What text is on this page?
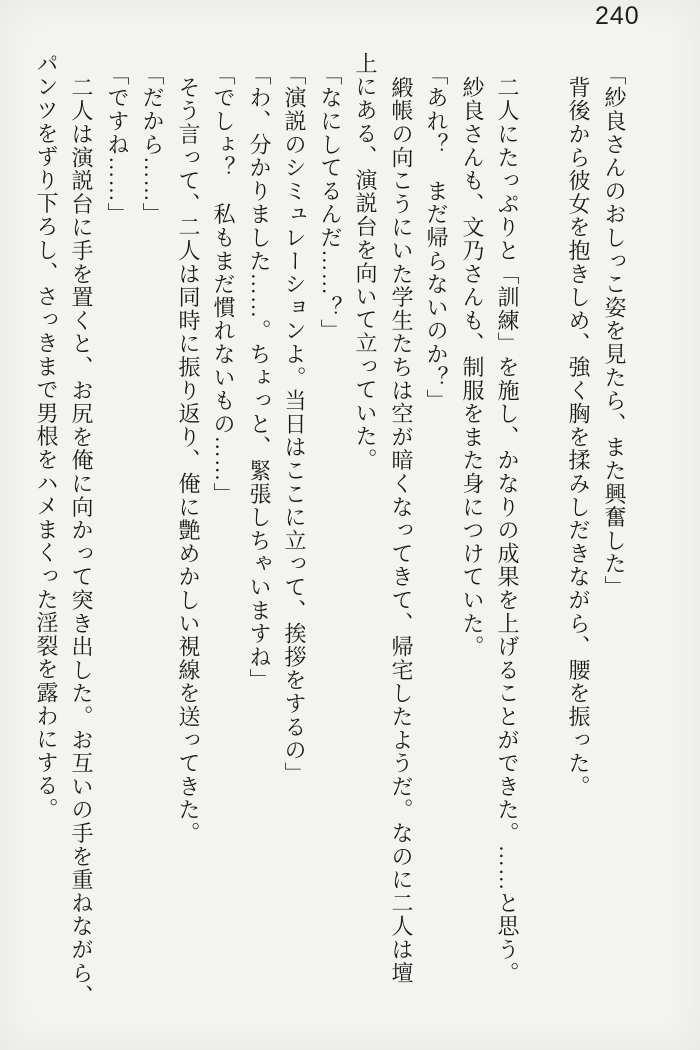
240
「紗良さんのおしっこ姿を見たら、また興奮した」
背後から彼女を抱きしめ、強く胸を揉みしだきながら、腰を振った。
二人にたっぷりと「訓練」を施し、かなりの成果を上げることができた。……と思う。
紗良さんも、文乃さんも、制服をまた身につけていた。
「あれ？　まだ帰らないのか？」
緞帳の向こうにいた学生たちは空が暗くなってきて、帰宅したようだ。なのに二人は壇
上にある、演説台を向いて立っていた。
「なにしてるんだ……？」
「演説のシミュレーションよ。当日はここに立って、挨拶をするの」
「わ、分かりました……。ちょっと、緊張しちゃいますね」
「でしょ？　私もまだ慣れないもの……」
そう言って、二人は同時に振り返り、俺に艶めかしい視線を送ってきた。
「だから……」
「ですね……」
二人は演説台に手を置くと、お尻を俺に向かって突き出した。お互いの手を重ねながら、
パンツをずり下ろし、さっきまで男根をハメまくった淫裂を露わにする。
